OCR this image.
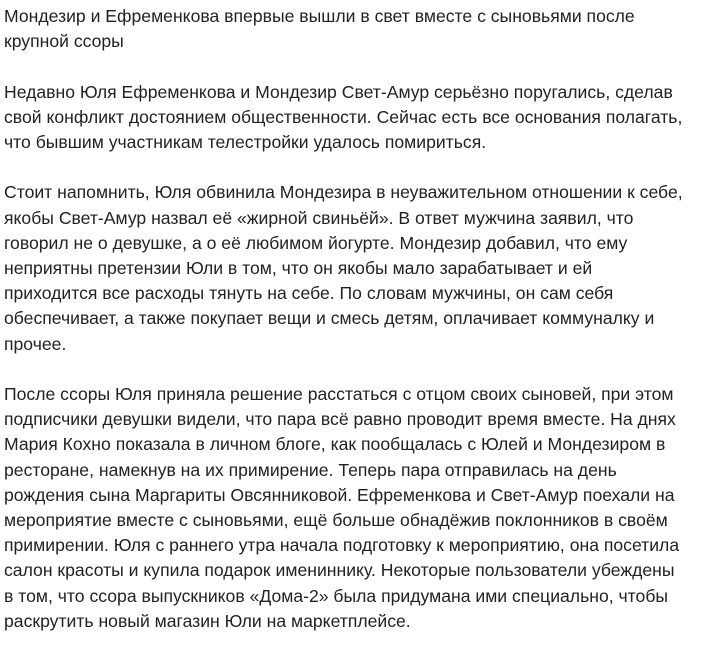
Мондезир и Ефременкова впервые вышли в свет вместе с сыновьями после
крупной ссоры

Недавно Юля Ефременкова и Мондезир Свет-Амур серьёзно поругались, сделав
свой конфликт достоянием общественности. Сейчас есть все основания полагать,
что бывшим участникам телестройки удалось помириться.

Стоит напомнить, Юля обвинила Мондезира в неуважительном отношении к себе,
якобы Свет-Амур назвал её «жирной свиньёй». В ответ мужчина заявил, что
говорил не о девушке, а о её любимом йогурте. Мондезир добавил, что ему
неприятны претензии Юли в том, что он якобы мало зарабатывает и ей
приходится все расходы тянуть на себе. По словам мужчины, он сам себя
обеспечивает, а также покупает вещи и смесь детям, оплачивает коммуналку и
прочее.

После ссоры Юля приняла решение расстаться с отцом своих сыновей, при этом
подписчики девушки видели, что пара всё равно проводит время вместе. На днях
Мария Кохно показала в личном блоге, как пообщалась с Юлей и Мондезиром в
ресторане, намекнув на их примирение. Теперь пара отправилась на день
рождения сына Маргариты Овсянниковой. Ефременкова и Свет-Амур поехали на
мероприятие вместе с сыновьями, ещё больше обнадёжив поклонников в своём
примирении. Юля с раннего утра начала подготовку к мероприятию, она посетила
салон красоты и купила подарок имениннику. Некоторые пользователи убеждены
в том, что ссора выпускников «Дома-2» была придумана ими специально, чтобы
раскрутить новый магазин Юли на маркетплейсе.
